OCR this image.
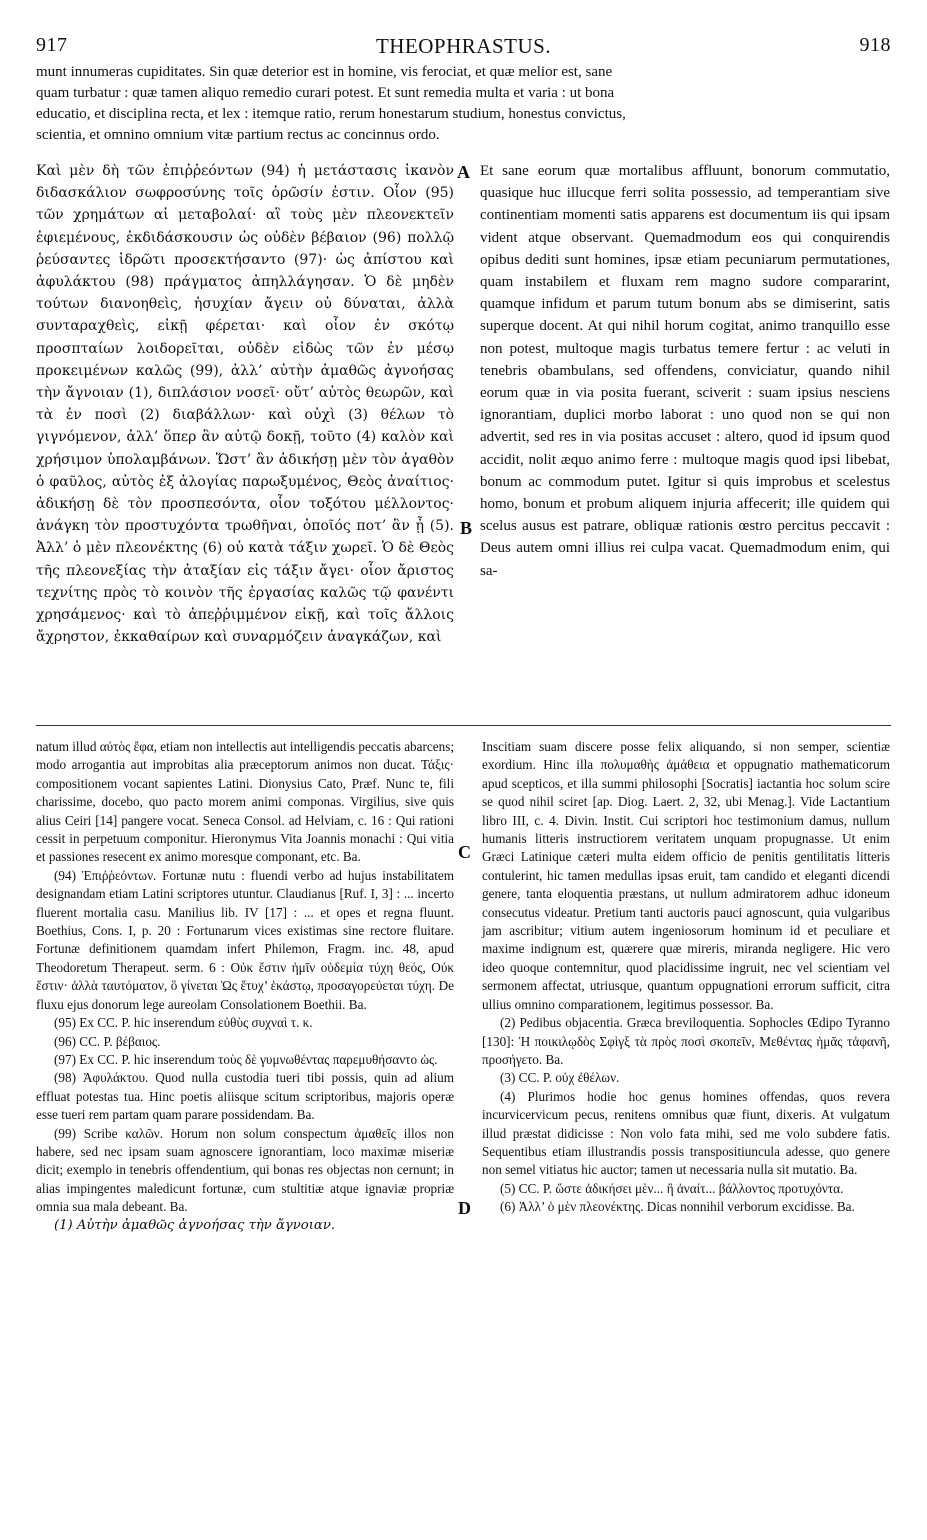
917	THEOPHRASTUS.	918

munt innumeras cupiditates. Sin quæ deterior est in homine, vis ferociat, et quæ melior est, sane

quam turbatur : quæ tamen aliquo remedio curari potest. Et sunt remedia multa et varia : ut bona

educatio, et disciplina recta, et lex : itemque ratio, rerum honestarum studium, honestus convictus,

scientia, et omnino omnium vitæ partium rectus ac concinnus ordo.

Καὶ μὲν δὴ τῶν ἐπιῤῥεόντων (94) ἡ μετάστασις ἱκανὸν διδασκάλιον σωφροσύνης τοῖς ὁρῶσίν ἐστιν. Οἷον (95) τῶν χρημάτων αἱ μεταβολαί· αἳ τοὺς μὲν πλεονεκτεῖν ἐφιεμένους, ἐκδιδάσκουσιν ὡς οὐδὲν βέβαιον (96) πολλῷ ῥεύσαντες ἱδρῶτι προσεκτήσαντο (97)· ὡς ἀπίστου καὶ ἀφυλάκτου (98) πράγματος ἀπηλλάγησαν. Ὁ δὲ μηδὲν τούτων διανοηθεὶς, ἡσυχίαν ἄγειν οὐ δύναται, ἀλλὰ συνταραχθεὶς, εἰκῇ φέρεται· καὶ οἷον ἐν σκότῳ προσπταίων λοιδορεῖται, οὐδὲν εἰδὼς τῶν ἐν μέσῳ προκειμένων καλῶς (99), ἀλλ’ αὐτὴν ἀμαθῶς ἀγνοήσας τὴν ἄγνοιαν (1), διπλάσιον νοσεῖ· οὔτ’ αὐτὸς θεωρῶν, καὶ τὰ ἐν ποσὶ (2) διαβάλλων· καὶ οὐχὶ (3) θέλων τὸ γιγνόμενον, ἀλλ’ ὅπερ ἂν αὐτῷ δοκῇ, τοῦτο (4) καλὸν καὶ χρήσιμον ὑπολαμβάνων. Ὥστ’ ἂν ἀδικήσῃ μὲν τὸν ἀγαθὸν ὁ φαῦλος, αὐτὸς ἐξ ἀλογίας παρωξυμένος, Θεὸς ἀναίτιος· ἀδικήσῃ δὲ τὸν προσπεσόντα, οἷον τοξότου μέλλοντος· ἀνάγκη τὸν προστυχόντα τρωθῆναι, ὁποῖός ποτ’ ἂν ᾖ (5). Ἀλλ’ ὁ μὲν πλεονέκτης (6) οὐ κατὰ τάξιν χωρεῖ. Ὁ δὲ Θεὸς τῆς πλεονεξίας τὴν ἀταξίαν εἰς τάξιν ἄγει· οἷον ἄριστος τεχνίτης πρὸς τὸ κοινὸν τῆς ἐργασίας καλῶς τῷ φανέντι χρησάμενος· καὶ τὸ ἀπεῤῥιμμένον εἰκῇ, καὶ τοῖς ἄλλοις ἄχρηστον, ἐκκαθαίρων καὶ συναρμόζειν ἀναγκάζων, καὶ

A
B
C
D

Et sane eorum quæ mortalibus affluunt, bonorum commutatio, quasique huc illucque ferri solita possessio, ad temperantiam sive continentiam momenti satis apparens est documentum iis qui ipsam vident atque observant. Quemadmodum eos qui conquirendis opibus dediti sunt homines, ipsæ etiam pecuniarum permutationes, quam instabilem et fluxam rem magno sudore compararint, quamque infidum et parum tutum bonum abs se dimiserint, satis superque docent. At qui nihil horum cogitat, animo tranquillo esse non potest, multoque magis turbatus temere fertur : ac veluti in tenebris obambulans, sed offendens, conviciatur, quando nihil eorum quæ in via posita fuerant, sciverit : suam ipsius nesciens ignorantiam, duplici morbo laborat : uno quod non se qui non advertit, sed res in via positas accuset : altero, quod id ipsum quod accidit, nolit æquo animo ferre : multoque magis quod ipsi libebat, bonum ac commodum putet. Igitur si quis improbus et scelestus homo, bonum et probum aliquem injuria affecerit; ille quidem qui scelus ausus est patrare, obliquæ rationis œstro percitus peccavit : Deus autem omni illius rei culpa vacat. Quemadmodum enim, qui sa-

natum illud αὐτὸς ἔφα, etiam non intellectis aut intelligendis peccatis abarcens; modo arrogantia aut improbitas alia præceptorum animos non ducat. Τάξις· compositionem vocant sapientes Latini. Dionysius Cato, Præf. Nunc te, fili charissime, docebo, quo pacto morem animi componas. Virgilius, sive quis alius Ceiri [14] pangere vocat. Seneca Consol. ad Helviam, c. 16 : Qui rationi cessit in perpetuum componitur. Hieronymus Vita Joannis monachi : Qui vitia et passiones resecent ex animo moresque componant, etc. Ba.

(94) Ἐπιῤῥεόντων. Fortunæ nutu : fluendi verbo ad hujus instabilitatem designandam etiam Latini scriptores utuntur. Claudianus [Ruf. I, 3] : ... incerto fluerent mortalia casu. Manilius lib. IV [17] : ... et opes et regna fluunt. Boethius, Cons. I, p. 20 : Fortunarum vices existimas sine rectore fluitare. Fortunæ definitionem quamdam infert Philemon, Fragm. inc. 48, apud Theodoretum Therapeut. serm. 6 : Οὐκ ἔστιν ἡμῖν οὐδεμία τύχη θεός, Οὐκ ἔστιν· ἀλλὰ ταυτόματον, ὃ γίνεται Ὡς ἔτυχ’ ἑκάστῳ, προσαγορεύεται τύχη. De fluxu ejus donorum lege aureolam Consolationem Boethii. Ba.

(95) Ex CC. P. hic inserendum εὐθὺς συχναὶ τ. κ.

(96) CC. P. βέβαιος.

(97) Ex CC. P. hic inserendum τοὺς δὲ γυμνωθέντας παρεμυθήσαντο ὡς.

(98) Ἀφυλάκτου. Quod nulla custodia tueri tibi possis, quin ad alium effluat potestas tua. Hinc poetis aliisque scitum scriptoribus, majoris operæ esse tueri rem partam quam parare possidendam. Ba.

(99) Scribe καλῶν. Horum non solum conspectum ἀμαθεῖς illos non habere, sed nec ipsam suam agnoscere ignorantiam, loco maximæ miseriæ dicit; exemplo in tenebris offendentium, qui bonas res objectas non cernunt; in alias impingentes maledicunt fortunæ, cum stultitiæ atque ignaviæ propriæ omnia sua mala debeant. Ba.

(1) Αὐτὴν ἀμαθῶς ἀγνοήσας τὴν ἄγνοιαν.

Inscitiam suam discere posse felix aliquando, si non semper, scientiæ exordium. Hinc illa πολυμαθὴς ἀμάθεια et oppugnatio mathematicorum apud scepticos, et illa summi philosophi [Socratis] iactantia hoc solum scire se quod nihil sciret [ap. Diog. Laert. 2, 32, ubi Menag.]. Vide Lactantium libro III, c. 4. Divin. Instit. Cui scriptori hoc testimonium damus, nullum humanis litteris instructiorem veritatem unquam propugnasse. Ut enim Græci Latinique cæteri multa eidem officio de penitis gentilitatis litteris contulerint, hic tamen medullas ipsas eruit, tam candido et eleganti dicendi genere, tanta eloquentia præstans, ut nullum admiratorem adhuc idoneum consecutus videatur. Pretium tanti auctoris pauci agnoscunt, quia vulgaribus jam ascribitur; vitium autem ingeniosorum hominum id et peculiare et maxime indignum est, quærere quæ mireris, miranda negligere. Hic vero ideo quoque contemnitur, quod placidissime ingruit, nec vel scientiam vel sermonem affectat, utriusque, quantum oppugnationi errorum sufficit, citra ullius omnino comparationem, legitimus possessor. Ba.

(2) Pedibus objacentia. Græca breviloquentia. Sophocles Œdipo Tyranno [130]: Ἡ ποικιλῳδὸς Σφὶγξ τὰ πρὸς ποσὶ σκοπεῖν, Μεθέντας ἡμᾶς τἀφανῆ, προσήγετο. Ba.

(3) CC. P. οὐχ ἐθέλων.

(4) Plurimos hodie hoc genus homines offendas, quos revera incurvicervicum pecus, renitens omnibus quæ fiunt, dixeris. At vulgatum illud præstat didicisse : Non volo fata mihi, sed me volo subdere fatis. Sequentibus etiam illustrandis possis transpositiuncula adesse, quo genere non semel vitiatus hic auctor; tamen ut necessaria nulla sit mutatio. Ba.

(5) CC. P. ὥστε ἀδικήσει μὲν... ἢ ἀναίτ... βάλλοντος προτυχόντα.

(6) Ἀλλ’ ὁ μὲν πλεονέκτης. Dicas nonnihil verborum excidisse. Ba.
